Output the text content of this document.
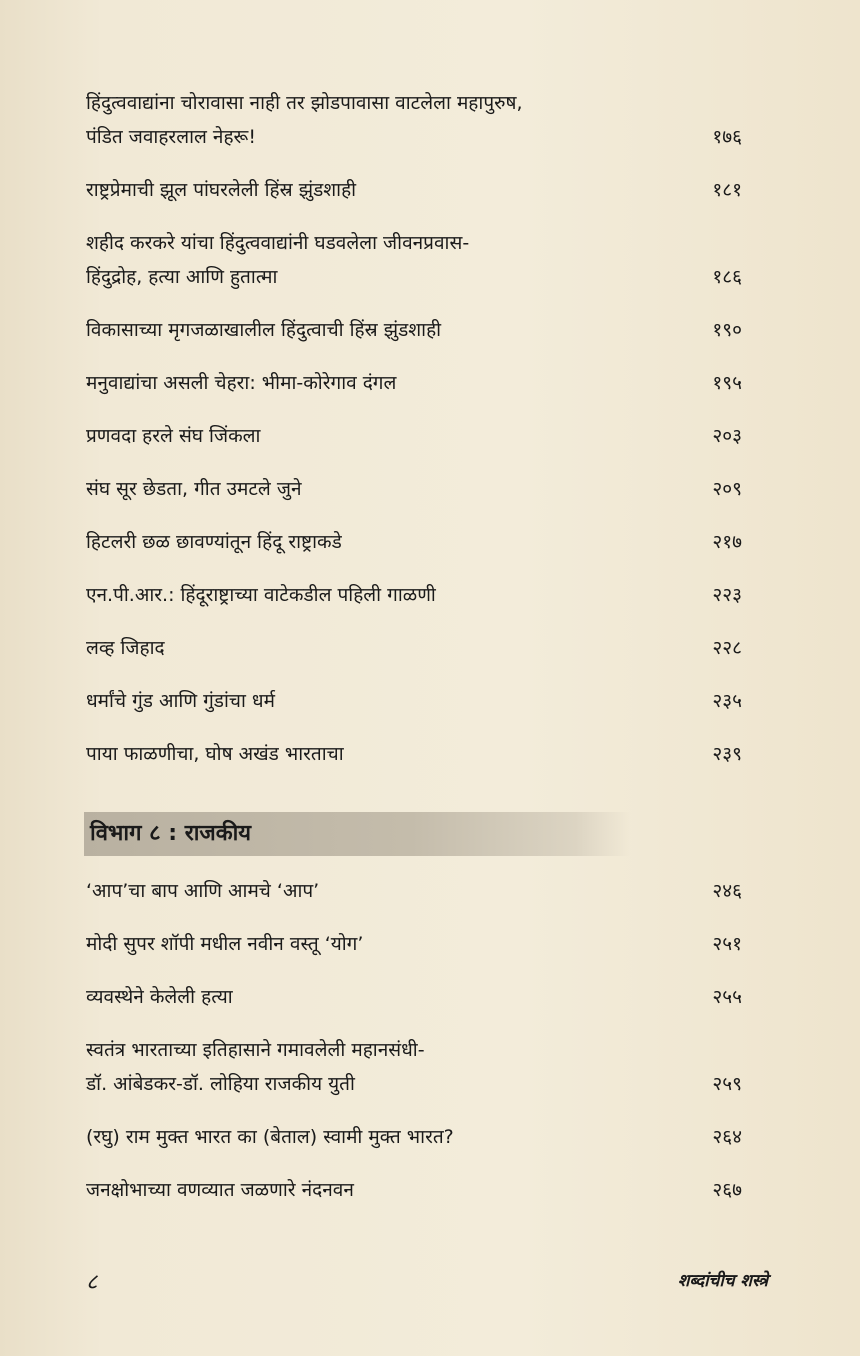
हिंदुत्ववाद्यांना चोरावासा नाही तर झोडपावासा वाटलेला महापुरुष,
पंडित जवाहरलाल नेहरू!	१७६
राष्ट्रप्रेमाची झूल पांघरलेली हिंस्र झुंडशाही	१८१
शहीद करकरे यांचा हिंदुत्ववाद्यांनी घडवलेला जीवनप्रवास-
हिंदुद्रोह, हत्या आणि हुतात्मा	१८६
विकासाच्या मृगजळाखालील हिंदुत्वाची हिंस्र झुंडशाही	१९०
मनुवाद्यांचा असली चेहरा: भीमा-कोरेगाव दंगल	१९५
प्रणवदा हरले संघ जिंकला	२०३
संघ सूर छेडता, गीत उमटले जुने	२०९
हिटलरी छळ छावण्यांतून हिंदू राष्ट्राकडे	२१७
एन.पी.आर.: हिंदूराष्ट्राच्या वाटेकडील पहिली गाळणी	२२३
लव्ह जिहाद	२२८
धर्मांचे गुंड आणि गुंडांचा धर्म	२३५
पाया फाळणीचा, घोष अखंड भारताचा	२३९
विभाग ८ : राजकीय
‘आप’चा बाप आणि आमचे ‘आप’	२४६
मोदी सुपर शॉपी मधील नवीन वस्तू ‘योग’	२५१
व्यवस्थेने केलेली हत्या	२५५
स्वतंत्र भारताच्या इतिहासाने गमावलेली महानसंधी-
डॉ. आंबेडकर-डॉ. लोहिया राजकीय युती	२५९
(रघु) राम मुक्त भारत का (बेताल) स्वामी मुक्त भारत?	२६४
जनक्षोभाच्या वणव्यात जळणारे नंदनवन	२६७
८	शब्दांचीच शस्त्रे
